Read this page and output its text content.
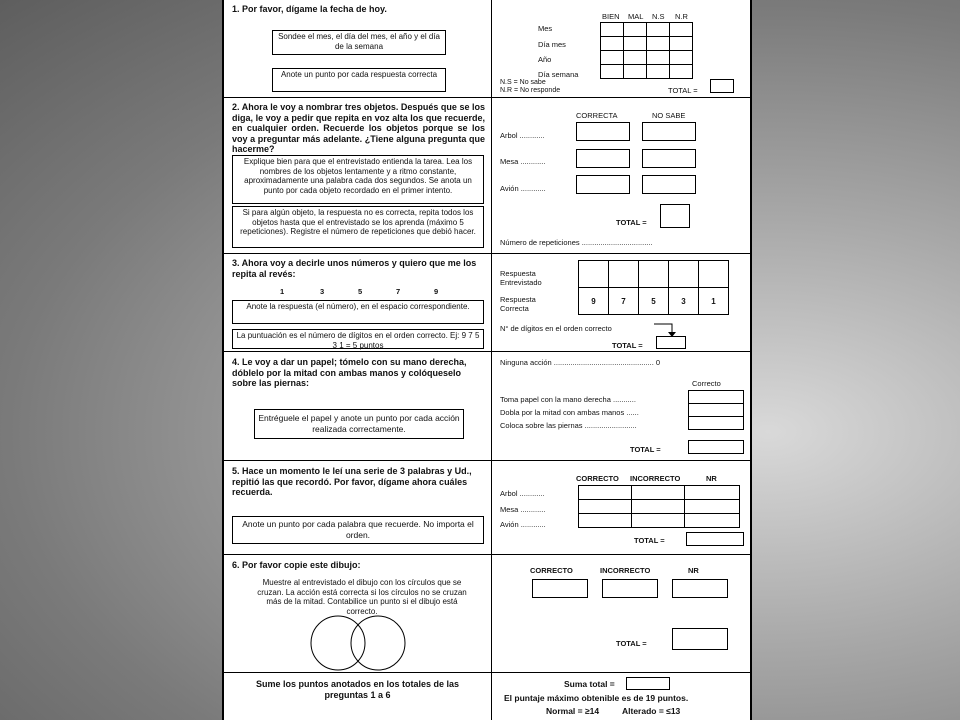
1. Por favor, dígame la fecha de hoy.
Sondee el mes, el día del mes, el año y el día de la semana
Anote un punto por cada respuesta correcta
BIEN MAL N.S N.R
Mes
Día mes
Año
Día semana

N.S = No sabe
N.R = No responde	TOTAL =
2. Ahora le voy a nombrar tres objetos. Después que se los diga, le voy a pedir que repita en voz alta los que recuerde, en cualquier orden. Recuerde los objetos porque se los voy a preguntar más adelante. ¿Tiene alguna pregunta que hacerme?
Explique bien para que el entrevistado entienda la tarea. Lea los nombres de los objetos lentamente y a ritmo constante, aproximadamente una palabra cada dos segundos. Se anota un punto por cada objeto recordado en el primer intento.
Si para algún objeto, la respuesta no es correcta, repita todos los objetos hasta que el entrevistado se los aprenda (máximo 5 repeticiones). Registre el número de repeticiones que debió hacer.
CORRECTA	NO SABE
Arbol ............
Mesa ............
Avión ............
TOTAL =
Número de repeticiones ..................................
3. Ahora voy a decirle unos números y quiero que me los repita al revés:
1	3	5	7	9
Anote la respuesta (el número), en el espacio correspondiente.
La puntuación es el número de dígitos en el orden correcto. Ej: 9 7 5 3 1 = 5 puntos
Respuesta
Entrevistado
Respuesta
Correcta

9	7	5	3	1
N° de dígitos en el orden correcto
TOTAL =
4. Le voy a dar un papel; tómelo con su mano derecha, dóblelo por la mitad con ambas manos y colóqueselo sobre las piernas:
Entréguele el papel y anote un punto por cada acción realizada correctamente.
Ninguna acción ................................................ 0
Correcto
Toma papel con la mano derecha ...........
Dobla por la mitad con ambas manos ......
Coloca sobre las piernas .........................

TOTAL =
5. Hace un momento le leí una serie de 3 palabras y Ud., repitió las que recordó. Por favor, dígame ahora cuáles recuerda.
Anote un punto por cada palabra que recuerde. No importa el orden.
CORRECTO INCORRECTO	NR
Arbol ............
Mesa ............
Avión ............

TOTAL =
6. Por favor copie este dibujo:
Muestre al entrevistado el dibujo con los círculos que se cruzan. La acción está correcta si los círculos no se cruzan más de la mitad. Contabilice un punto si el dibujo está correcto.
CORRECTO	INCORRECTO	NR
TOTAL =
Sume los puntos anotados en los totales de las preguntas 1 a 6
Suma total =
El puntaje máximo obtenible es de 19 puntos.
Normal = ≥14	Alterado = ≤13
